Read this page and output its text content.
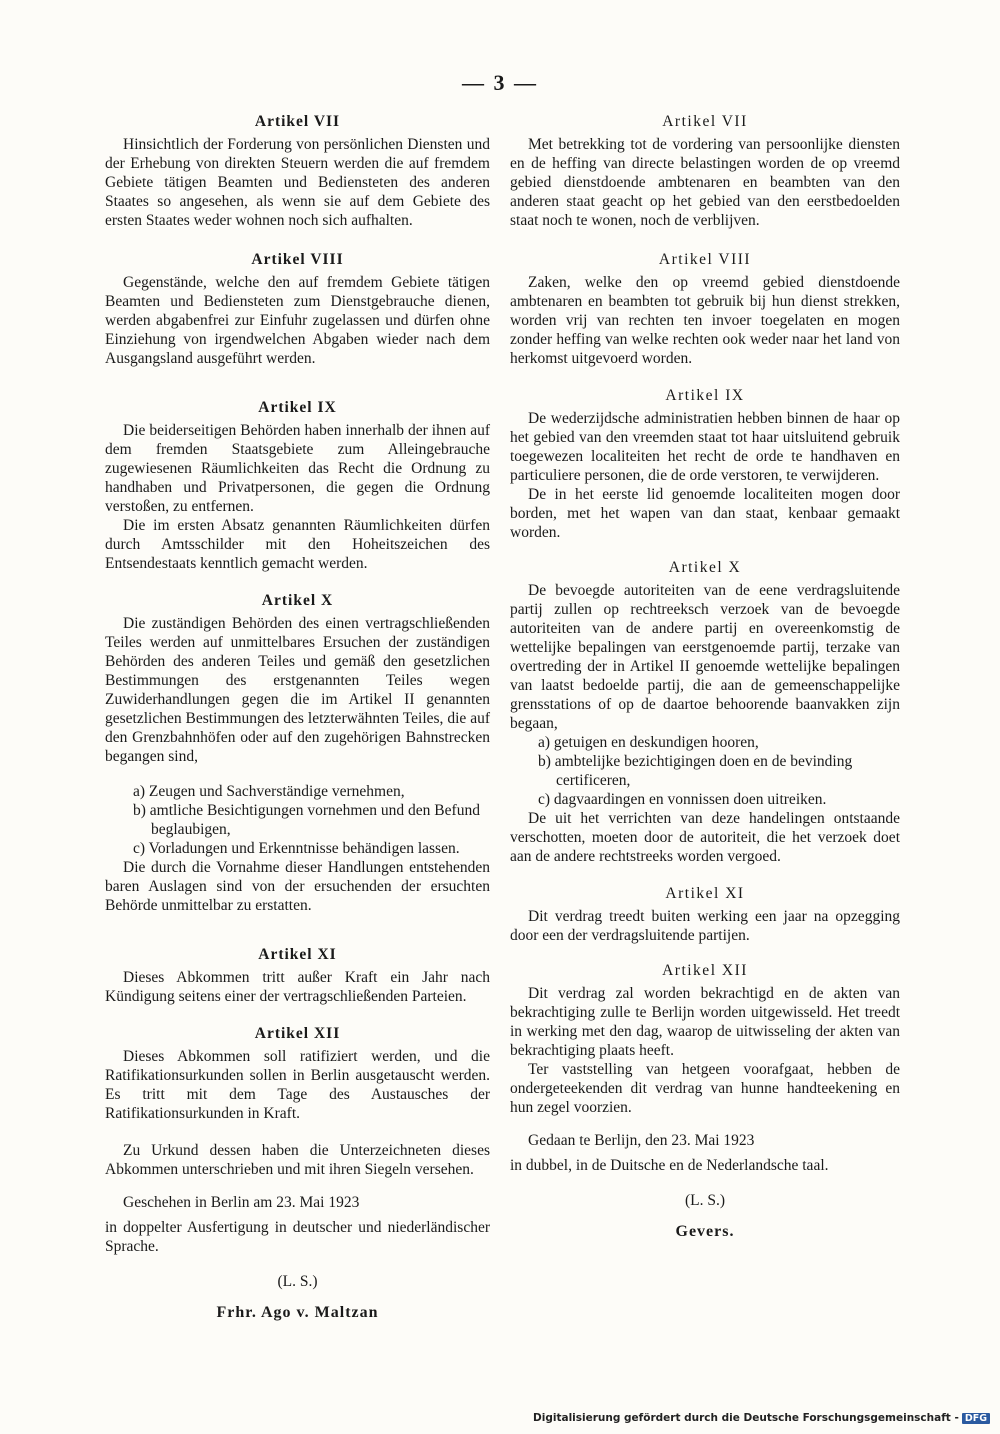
— 3 —
Artikel VII

Hinsichtlich der Forderung von persönlichen Diensten und der Erhebung von direkten Steuern werden die auf fremdem Gebiete tätigen Beamten und Bediensteten des anderen Staates so angesehen, als wenn sie auf dem Gebiete des ersten Staates weder wohnen noch sich aufhalten.

Artikel VIII

Gegenstände, welche den auf fremdem Gebiete tätigen Beamten und Bediensteten zum Dienstgebrauche dienen, werden abgabenfrei zur Einfuhr zugelassen und dürfen ohne Einziehung von irgendwelchen Abgaben wieder nach dem Ausgangsland ausgeführt werden.

Artikel IX

Die beiderseitigen Behörden haben innerhalb der ihnen auf dem fremden Staatsgebiete zum Alleingebrauche zugewiesenen Räumlichkeiten das Recht die Ordnung zu handhaben und Privatpersonen, die gegen die Ordnung verstoßen, zu entfernen.

Die im ersten Absatz genannten Räumlichkeiten dürfen durch Amtsschilder mit den Hoheitszeichen des Entsendestaats kenntlich gemacht werden.

Artikel X

Die zuständigen Behörden des einen vertragschließenden Teiles werden auf unmittelbares Ersuchen der zuständigen Behörden des anderen Teiles und gemäß den gesetzlichen Bestimmungen des erstgenannten Teiles wegen Zuwiderhandlungen gegen die im Artikel II genannten gesetzlichen Bestimmungen des letzterwähnten Teiles, die auf den Grenzbahnhöfen oder auf den zugehörigen Bahnstrecken begangen sind,

a) Zeugen und Sachverständige vernehmen,

b) amtliche Besichtigungen vornehmen und den Befund beglaubigen,

c) Vorladungen und Erkenntnisse behändigen lassen.

Die durch die Vornahme dieser Handlungen entstehenden baren Auslagen sind von der ersuchenden der ersuchten Behörde unmittelbar zu erstatten.

Artikel XI

Dieses Abkommen tritt außer Kraft ein Jahr nach Kündigung seitens einer der vertragschließenden Parteien.

Artikel XII

Dieses Abkommen soll ratifiziert werden, und die Ratifikationsurkunden sollen in Berlin ausgetauscht werden. Es tritt mit dem Tage des Austausches der Ratifikationsurkunden in Kraft.

Zu Urkund dessen haben die Unterzeichneten dieses Abkommen unterschrieben und mit ihren Siegeln versehen.

Geschehen in Berlin am 23. Mai 1923

in doppelter Ausfertigung in deutscher und niederländischer Sprache.

(L. S.)

Frhr. Ago v. Maltzan

Artikel VII

Met betrekking tot de vordering van persoonlijke diensten en de heffing van directe belastingen worden de op vreemd gebied dienstdoende ambtenaren en beambten van den anderen staat geacht op het gebied van den eerstbedoelden staat noch te wonen, noch de verblijven.

Artikel VIII

Zaken, welke den op vreemd gebied dienstdoende ambtenaren en beambten tot gebruik bij hun dienst strekken, worden vrij van rechten ten invoer toegelaten en mogen zonder heffing van welke rechten ook weder naar het land von herkomst uitgevoerd worden.

Artikel IX

De wederzijdsche administratien hebben binnen de haar op het gebied van den vreemden staat tot haar uitsluitend gebruik toegewezen localiteiten het recht de orde te handhaven en particuliere personen, die de orde verstoren, te verwijderen.

De in het eerste lid genoemde localiteiten mogen door borden, met het wapen van dan staat, kenbaar gemaakt worden.

Artikel X

De bevoegde autoriteiten van de eene verdragsluitende partij zullen op rechtreeksch verzoek van de bevoegde autoriteiten van de andere partij en overeenkomstig de wettelijke bepalingen van eerstgenoemde partij, terzake van overtreding der in Artikel II genoemde wettelijke bepalingen van laatst bedoelde partij, die aan de gemeenschappelijke grensstations of op de daartoe behoorende baanvakken zijn begaan,

a) getuigen en deskundigen hooren,

b) ambtelijke bezichtigingen doen en de bevinding certificeren,

c) dagvaardingen en vonnissen doen uitreiken.

De uit het verrichten van deze handelingen ontstaande verschotten, moeten door de autoriteit, die het verzoek doet aan de andere rechtstreeks worden vergoed.

Artikel XI

Dit verdrag treedt buiten werking een jaar na opzegging door een der verdragsluitende partijen.

Artikel XII

Dit verdrag zal worden bekrachtigd en de akten van bekrachtiging zulle te Berlijn worden uitgewisseld. Het treedt in werking met den dag, waarop de uitwisseling der akten van bekrachtiging plaats heeft.

Ter vaststelling van hetgeen voorafgaat, hebben de ondergeteekenden dit verdrag van hunne handteekening en hun zegel voorzien.

Gedaan te Berlijn, den 23. Mai 1923

in dubbel, in de Duitsche en de Nederlandsche taal.

(L. S.)

Gevers.

Digitalisierung gefördert durch die Deutsche Forschungsgemeinschaft - DFG
